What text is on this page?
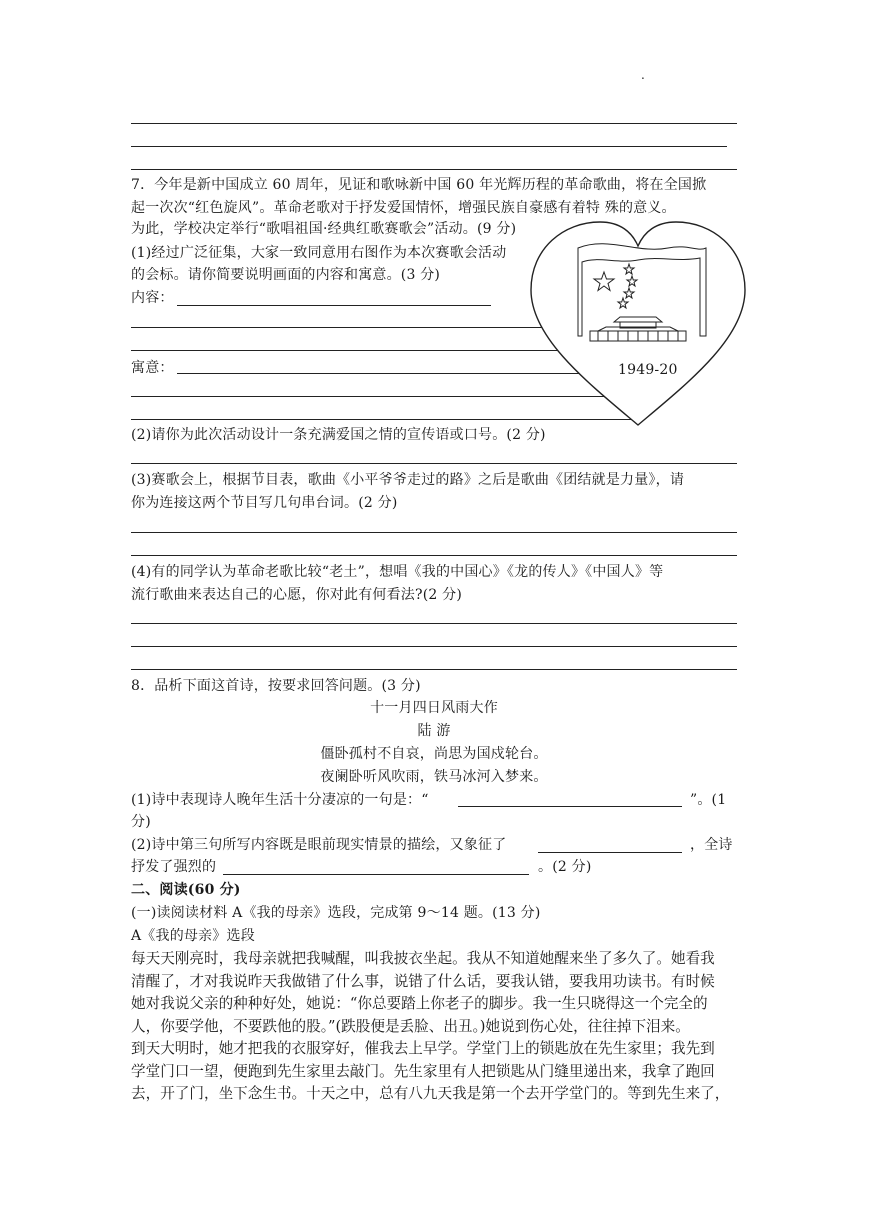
.
7．今年是新中国成立 60 周年，见证和歌咏新中国 60 年光辉历程的革命歌曲，将在全国掀
起一次次“红色旋风”。革命老歌对于抒发爱国情怀，增强民族自豪感有着特 殊的意义。
为此，学校决定举行“歌唱祖国·经典红歌赛歌会”活动。(9 分)
(1)经过广泛征集，大家一致同意用右图作为本次赛歌会活动
的会标。请你简要说明画面的内容和寓意。(3 分)
内容：
寓意：	1949-20
(2)请你为此次活动设计一条充满爱国之情的宣传语或口号。(2 分)
(3)赛歌会上，根据节目表，歌曲《小平爷爷走过的路》之后是歌曲《团结就是力量》，请
你为连接这两个节目写几句串台词。(2 分)
(4)有的同学认为革命老歌比较“老土”，想唱《我的中国心》《龙的传人》《中国人》等
流行歌曲来表达自己的心愿，你对此有何看法?(2 分)
8．品析下面这首诗，按要求回答问题。(3 分)
十一月四日风雨大作
陆 游
僵卧孤村不自哀，尚思为国戍轮台。
夜阑卧听风吹雨，铁马冰河入梦来。
(1)诗中表现诗人晚年生活十分凄凉的一句是：“	”。(1
分)
(2)诗中第三句所写内容既是眼前现实情景的描绘，又象征了	，全诗
抒发了强烈的	。(2 分)
二、阅读(60 分)
(一)读阅读材料 A《我的母亲》选段，完成第 9～14 题。(13 分)
A《我的母亲》选段
每天天刚亮时，我母亲就把我喊醒，叫我披衣坐起。我从不知道她醒来坐了多久了。她看我
清醒了，才对我说昨天我做错了什么事，说错了什么话，要我认错，要我用功读书。有时候
她对我说父亲的种种好处，她说：“你总要踏上你老子的脚步。我一生只晓得这一个完全的
人，你要学他，不要跌他的股。”(跌股便是丢脸、出丑。)她说到伤心处，往往掉下泪来。
到天大明时，她才把我的衣服穿好，催我去上早学。学堂门上的锁匙放在先生家里；我先到
学堂门口一望，便跑到先生家里去敲门。先生家里有人把锁匙从门缝里递出来，我拿了跑回
去，开了门，坐下念生书。十天之中，总有八九天我是第一个去开学堂门的。等到先生来了，
